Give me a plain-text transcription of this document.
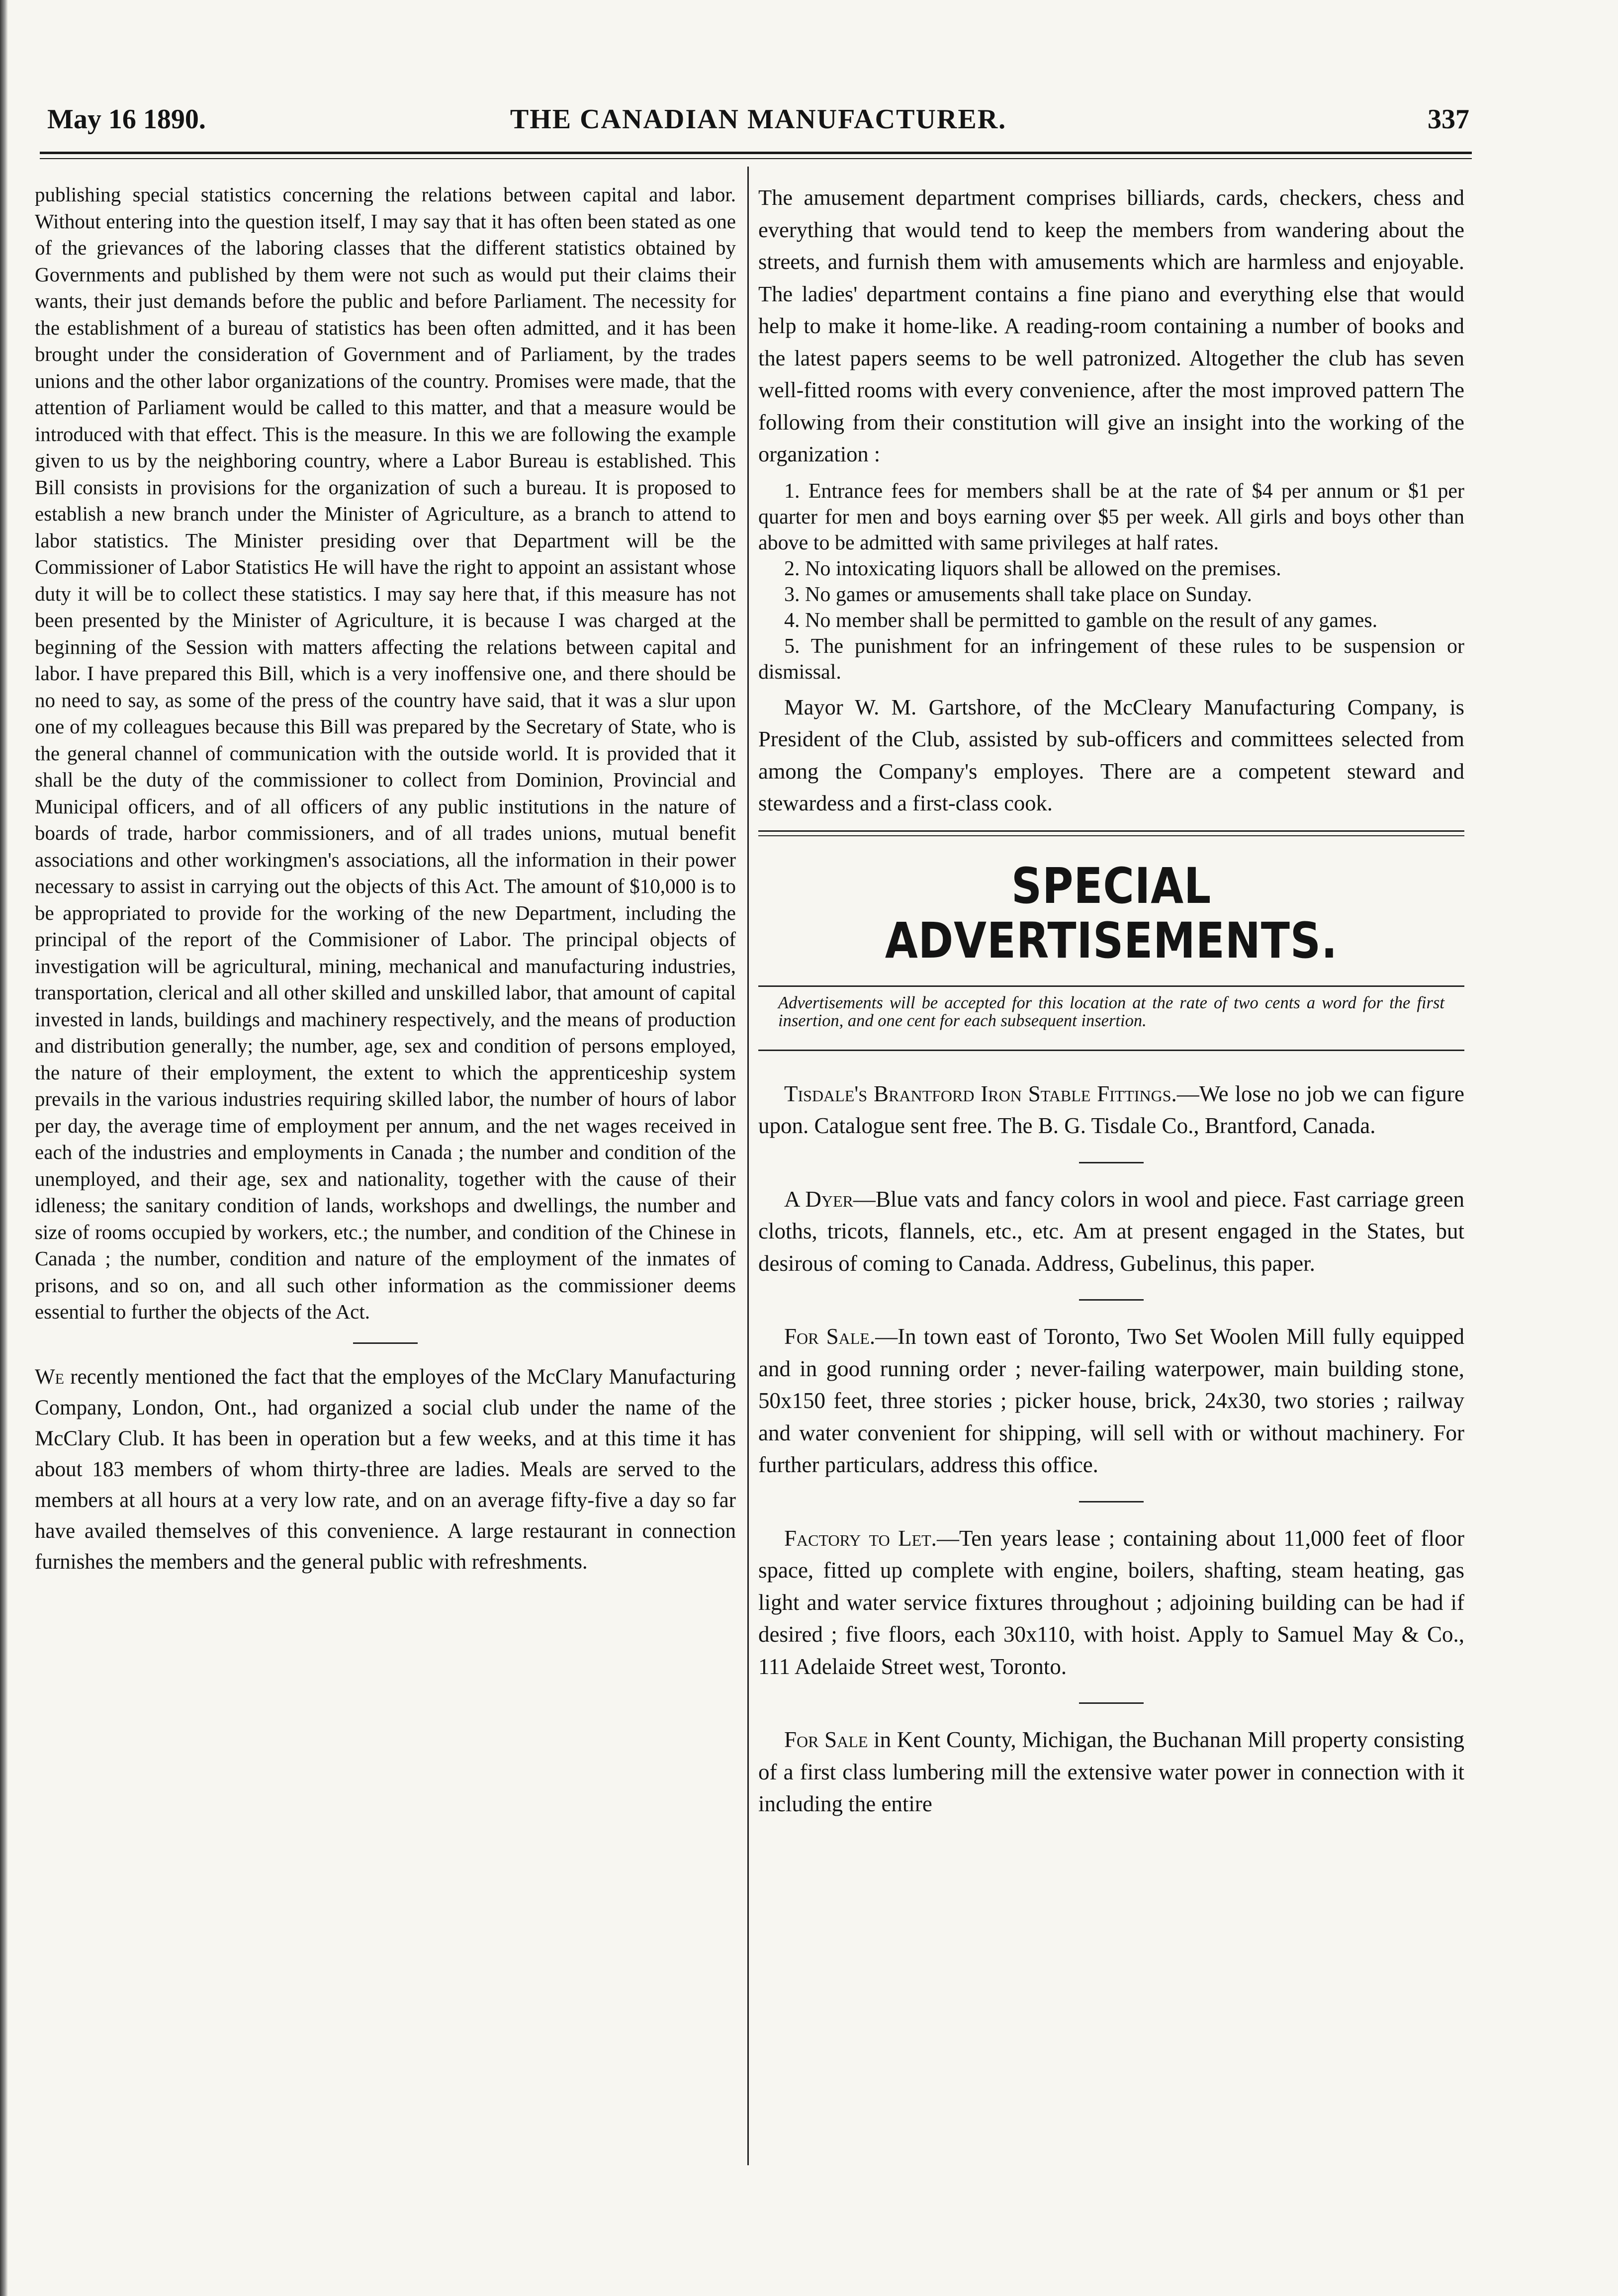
May 16 1890.	THE CANADIAN MANUFACTURER.	337

publishing special statistics concerning the relations between capital and labor. Without entering into the question itself, I may say that it has often been stated as one of the grievances of the laboring classes that the different statistics obtained by Governments and published by them were not such as would put their claims their wants, their just demands before the public and before Parliament. The necessity for the establishment of a bureau of statistics has been often admitted, and it has been brought under the consideration of Government and of Parliament, by the trades unions and the other labor organizations of the country. Promises were made, that the attention of Parliament would be called to this matter, and that a measure would be introduced with that effect. This is the measure. In this we are following the example given to us by the neighboring country, where a Labor Bureau is established. This Bill consists in provisions for the organization of such a bureau. It is proposed to establish a new branch under the Minister of Agriculture, as a branch to attend to labor statistics. The Minister presiding over that Department will be the Commissioner of Labor Statistics He will have the right to appoint an assistant whose duty it will be to collect these statistics. I may say here that, if this measure has not been presented by the Minister of Agriculture, it is because I was charged at the beginning of the Session with matters affecting the relations between capital and labor. I have prepared this Bill, which is a very inoffensive one, and there should be no need to say, as some of the press of the country have said, that it was a slur upon one of my colleagues because this Bill was prepared by the Secretary of State, who is the general channel of communication with the outside world. It is provided that it shall be the duty of the commissioner to collect from Dominion, Provincial and Municipal officers, and of all officers of any public institutions in the nature of boards of trade, harbor commissioners, and of all trades unions, mutual benefit associations and other workingmen's associations, all the information in their power necessary to assist in carrying out the objects of this Act. The amount of $10,000 is to be appropriated to provide for the working of the new Department, including the principal of the report of the Commisioner of Labor. The principal objects of investigation will be agricultural, mining, mechanical and manufacturing industries, transportation, clerical and all other skilled and unskilled labor, that amount of capital invested in lands, buildings and machinery respectively, and the means of production and distribution generally; the number, age, sex and condition of persons employed, the nature of their employment, the extent to which the apprenticeship system prevails in the various industries requiring skilled labor, the number of hours of labor per day, the average time of employment per annum, and the net wages received in each of the industries and employments in Canada ; the number and condition of the unemployed, and their age, sex and nationality, together with the cause of their idleness; the sanitary condition of lands, workshops and dwellings, the number and size of rooms occupied by workers, etc.; the number, and condition of the Chinese in Canada ; the number, condition and nature of the employment of the inmates of prisons, and so on, and all such other information as the commissioner deems essential to further the objects of the Act.

We recently mentioned the fact that the employes of the McClary Manufacturing Company, London, Ont., had organized a social club under the name of the McClary Club. It has been in operation but a few weeks, and at this time it has about 183 members of whom thirty-three are ladies. Meals are served to the members at all hours at a very low rate, and on an average fifty-five a day so far have availed themselves of this convenience. A large restaurant in connection furnishes the members and the general public with refreshments.

The amusement department comprises billiards, cards, checkers, chess and everything that would tend to keep the members from wandering about the streets, and furnish them with amusements which are harmless and enjoyable. The ladies' department contains a fine piano and everything else that would help to make it home-like. A reading-room containing a number of books and the latest papers seems to be well patronized. Altogether the club has seven well-fitted rooms with every convenience, after the most improved pattern The following from their constitution will give an insight into the working of the organization :

1. Entrance fees for members shall be at the rate of $4 per annum or $1 per quarter for men and boys earning over $5 per week. All girls and boys other than above to be admitted with same privileges at half rates.

2. No intoxicating liquors shall be allowed on the premises.

3. No games or amusements shall take place on Sunday.

4. No member shall be permitted to gamble on the result of any games.

5. The punishment for an infringement of these rules to be suspension or dismissal.

Mayor W. M. Gartshore, of the McCleary Manufacturing Company, is President of the Club, assisted by sub-officers and committees selected from among the Company's employes. There are a competent steward and stewardess and a first-class cook.

SPECIAL ADVERTISEMENTS.

Advertisements will be accepted for this location at the rate of two cents a word for the first insertion, and one cent for each subsequent insertion.

Tisdale's Brantford Iron Stable Fittings.—We lose no job we can figure upon. Catalogue sent free. The B. G. Tisdale Co., Brantford, Canada.

A Dyer—Blue vats and fancy colors in wool and piece. Fast carriage green cloths, tricots, flannels, etc., etc. Am at present engaged in the States, but desirous of coming to Canada. Address, Gubelinus, this paper.

For Sale.—In town east of Toronto, Two Set Woolen Mill fully equipped and in good running order ; never-failing waterpower, main building stone, 50x150 feet, three stories ; picker house, brick, 24x30, two stories ; railway and water convenient for shipping, will sell with or without machinery. For further particulars, address this office.

Factory to Let.—Ten years lease ; containing about 11,000 feet of floor space, fitted up complete with engine, boilers, shafting, steam heating, gas light and water service fixtures throughout ; adjoining building can be had if desired ; five floors, each 30x110, with hoist. Apply to Samuel May & Co., 111 Adelaide Street west, Toronto.

For Sale in Kent County, Michigan, the Buchanan Mill property consisting of a first class lumbering mill the extensive water power in connection with it including the entire
